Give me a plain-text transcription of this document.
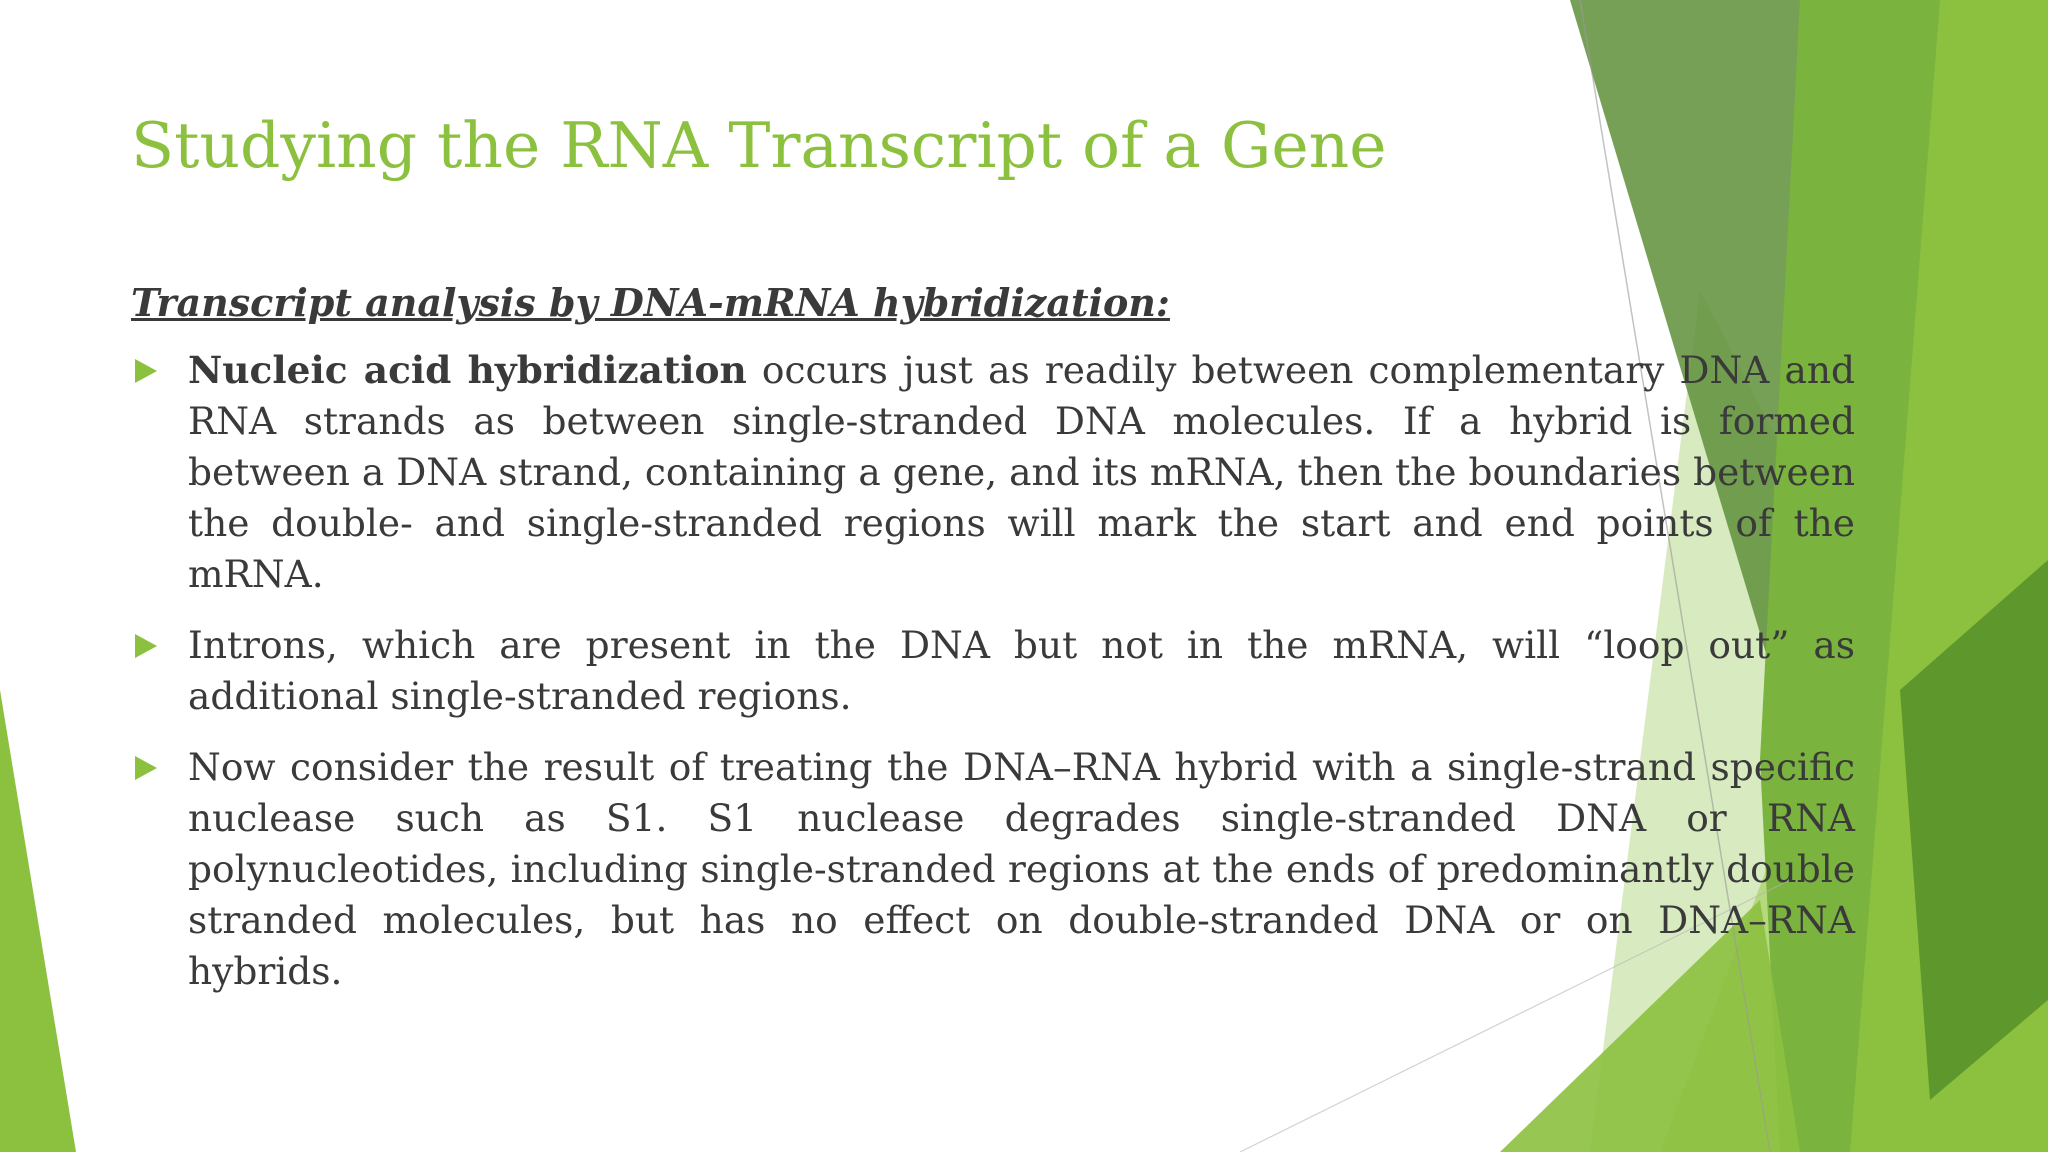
Studying the RNA Transcript of a Gene
Transcript analysis by DNA-mRNA hybridization:
Nucleic acid hybridization occurs just as readily between complementary DNA and RNA strands as between single-stranded DNA molecules. If a hybrid is formed between a DNA strand, containing a gene, and its mRNA, then the boundaries between the double- and single-stranded regions will mark the start and end points of the mRNA.
Introns, which are present in the DNA but not in the mRNA, will “loop out” as additional single-stranded regions.
Now consider the result of treating the DNA–RNA hybrid with a single-strand specific nuclease such as S1. S1 nuclease degrades single-stranded DNA or RNA polynucleotides, including single-stranded regions at the ends of predominantly double stranded molecules, but has no effect on double-stranded DNA or on DNA–RNA hybrids.
